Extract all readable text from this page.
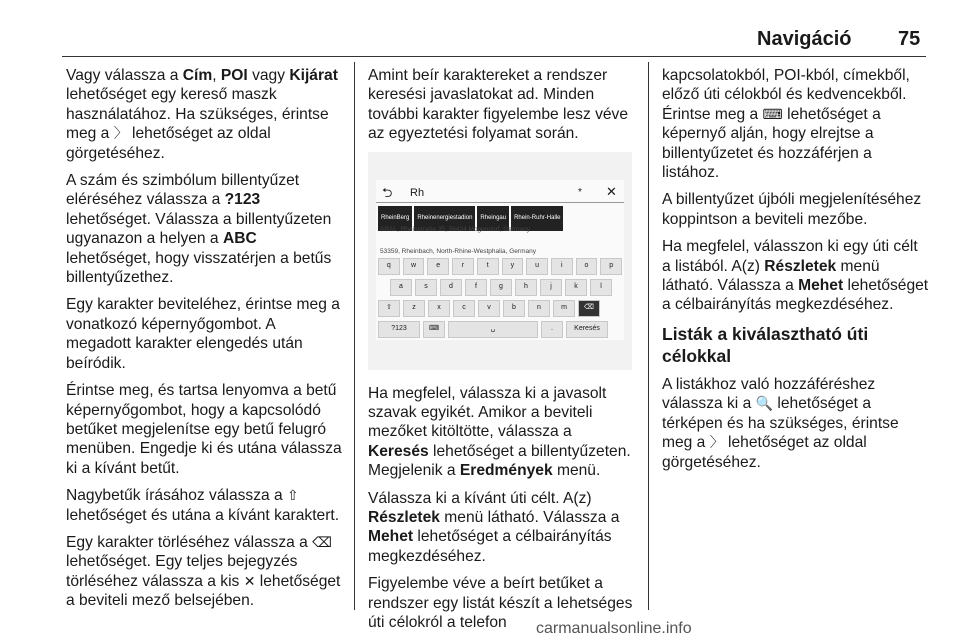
Navigáció 75

Vagy válassza a Cím, POI vagy Kijárat lehetőséget egy kereső maszk használatához. Ha szükséges, érintse meg a 〉 lehetőséget az oldal görgetéséhez.

A szám és szimbólum billentyűzet eléréséhez válassza a ?123 lehetőséget. Válassza a billentyűzeten ugyanazon a helyen a ABC lehetőséget, hogy visszatérjen a betűs billentyűzethez.

Egy karakter beviteléhez, érintse meg a vonatkozó képernyőgombot. A megadott karakter elengedés után beíródik.

Érintse meg, és tartsa lenyomva a betű képernyőgombot, hogy a kapcsolódó betűket megjelenítse egy betű felugró menüben. Engedje ki és utána válassza ki a kívánt betűt.

Nagybetűk írásához válassza a ⇧ lehetőséget és utána a kívánt karaktert.

Egy karakter törléséhez válassza a ⌫ lehetőséget. Egy teljes bejegyzés törléséhez válassza a kis ✕ lehetőséget a beviteli mező belsejében.

Amint beír karaktereket a rendszer keresési javaslatokat ad. Minden további karakter figyelembe lesz véve az egyeztetési folyamat során.

⮌ Rh	* ✕
RheinBerg	Rheinenergiestadion	Rheingau	Rhein-Ruhr-Halle
ARAL, Rheinstraße 35, 56424 Mogendorf, Germany
53359, Rheinbach, North-Rhine-Westphalia, Germany
q	w	e	r	t	y	u	i	o	p
a	s	d	f	g	h	j	k	l
⇧	z	x	c	v	b	n	m	⌫
?123	⌨	␣	.	Keresés

Ha megfelel, válassza ki a javasolt szavak egyikét. Amikor a beviteli mezőket kitöltötte, válassza a Keresés lehetőséget a billentyűzeten. Megjelenik a Eredmények menü.

Válassza ki a kívánt úti célt. A(z) Részletek menü látható. Válassza a Mehet lehetőséget a célbairányítás megkezdéséhez.

Figyelembe véve a beírt betűket a rendszer egy listát készít a lehetséges úti célokról a telefon

kapcsolatokból, POI-kból, címekből, előző úti célokból és kedvencekből. Érintse meg a ⌨ lehetőséget a képernyő alján, hogy elrejtse a billentyűzetet és hozzáférjen a listához.

A billentyűzet újbóli megjelenítéséhez koppintson a beviteli mezőbe.

Ha megfelel, válasszon ki egy úti célt a listából. A(z) Részletek menü látható. Válassza a Mehet lehetőséget a célbairányítás megkezdéséhez.

Listák a kiválasztható úti célokkal

A listákhoz való hozzáféréshez válassza ki a 🔍 lehetőséget a térképen és ha szükséges, érintse meg a 〉 lehetőséget az oldal görgetéséhez.

carmanualsonline.info
